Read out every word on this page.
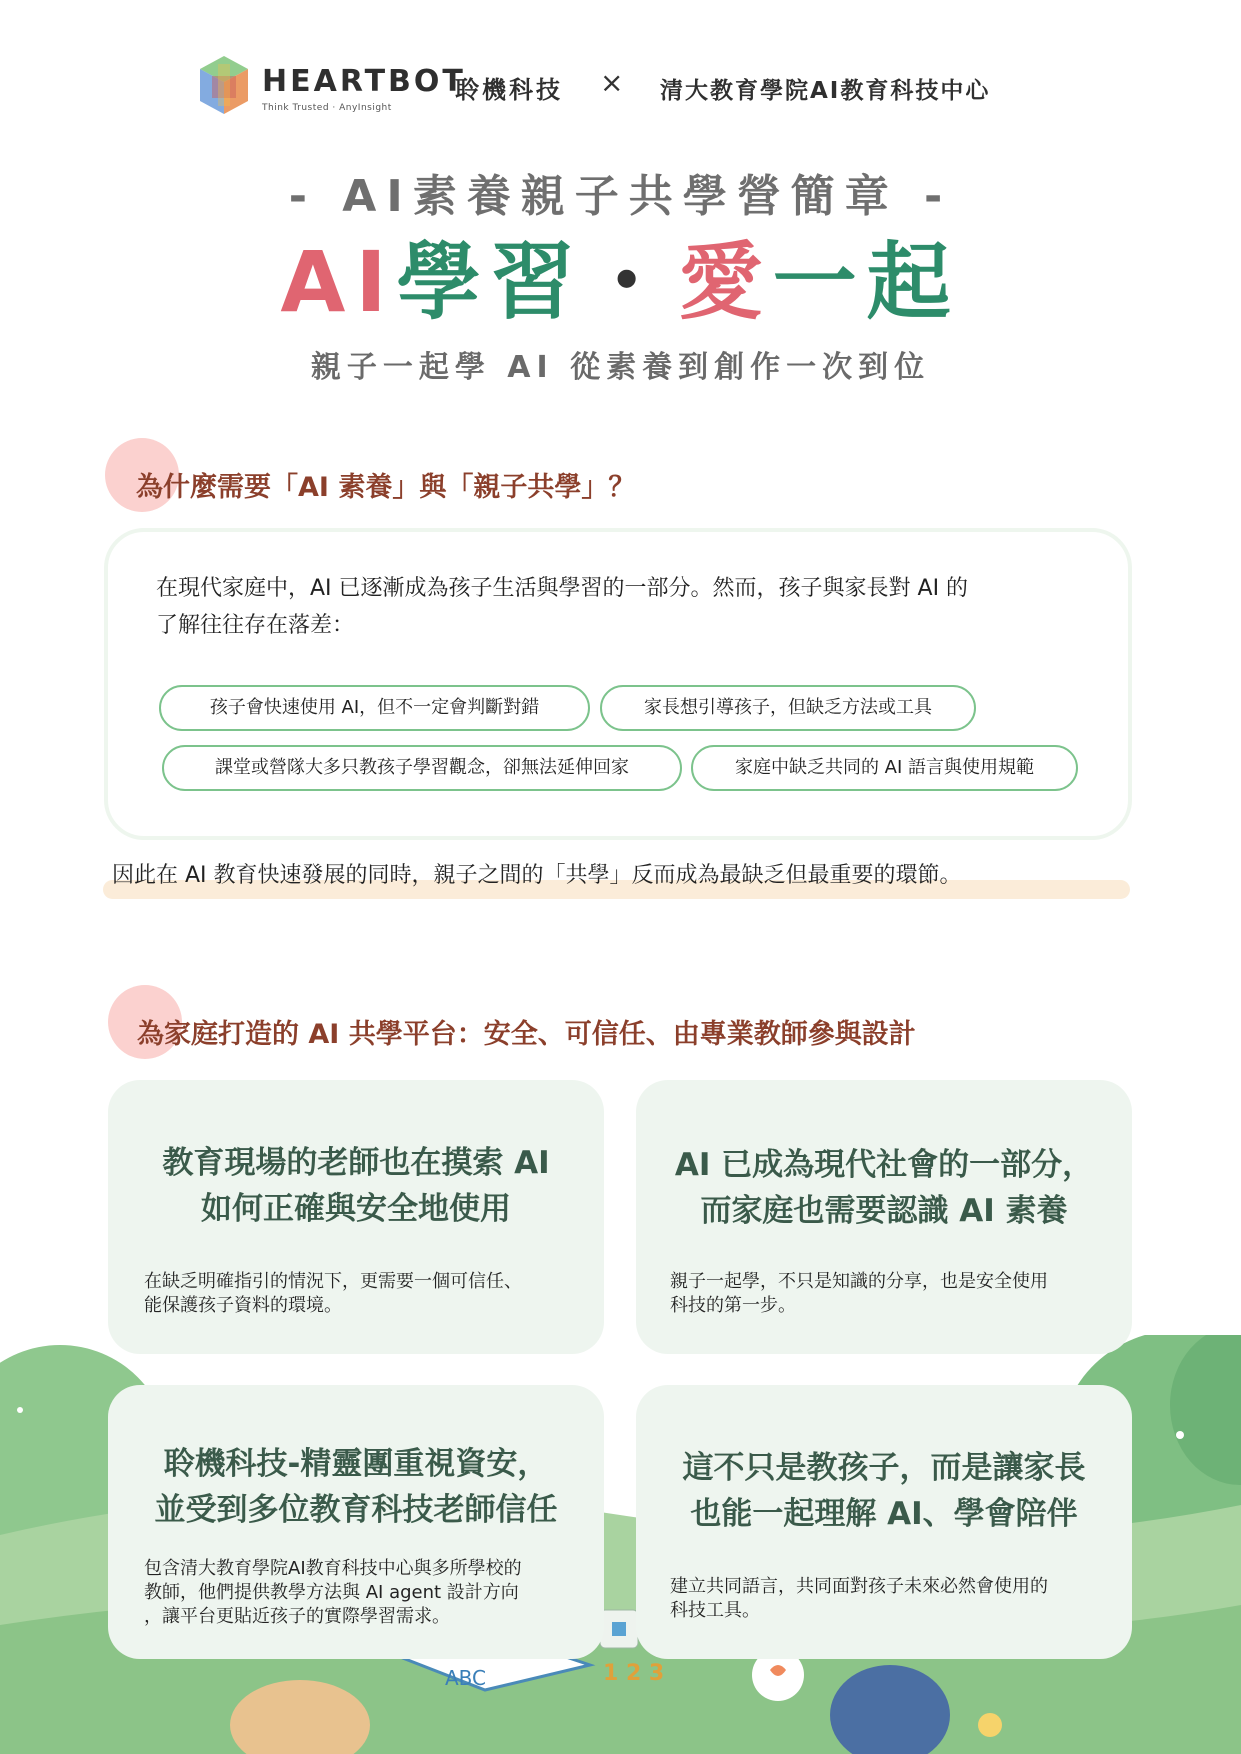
HEARTBOT
聆機科技
Think Trusted · AnyInsight
× 清大教育學院AI教育科技中心
- AI素養親子共學營簡章 -
AI學習・愛一起
親子一起學 AI 從素養到創作一次到位
為什麼需要「AI 素養」與「親子共學」？
在現代家庭中，AI 已逐漸成為孩子生活與學習的一部分。然而，孩子與家長對 AI 的
了解往往存在落差：
孩子會快速使用 AI，但不一定會判斷對錯	家長想引導孩子，但缺乏方法或工具
課堂或營隊大多只教孩子學習觀念，卻無法延伸回家	家庭中缺乏共同的 AI 語言與使用規範
因此在 AI 教育快速發展的同時，親子之間的「共學」反而成為最缺乏但最重要的環節。
為家庭打造的 AI 共學平台：安全、可信任、由專業教師參與設計
ABC	1 2 3
教育現場的老師也在摸索 AI
如何正確與安全地使用
在缺乏明確指引的情況下，更需要一個可信任、
能保護孩子資料的環境。
AI 已成為現代社會的一部分，
而家庭也需要認識 AI 素養
親子一起學，不只是知識的分享，也是安全使用
科技的第一步。
聆機科技-精靈團重視資安，
並受到多位教育科技老師信任
包含清大教育學院AI教育科技中心與多所學校的
教師，他們提供教學方法與 AI agent 設計方向
，讓平台更貼近孩子的實際學習需求。
這不只是教孩子，而是讓家長
也能一起理解 AI、學會陪伴
建立共同語言，共同面對孩子未來必然會使用的
科技工具。
